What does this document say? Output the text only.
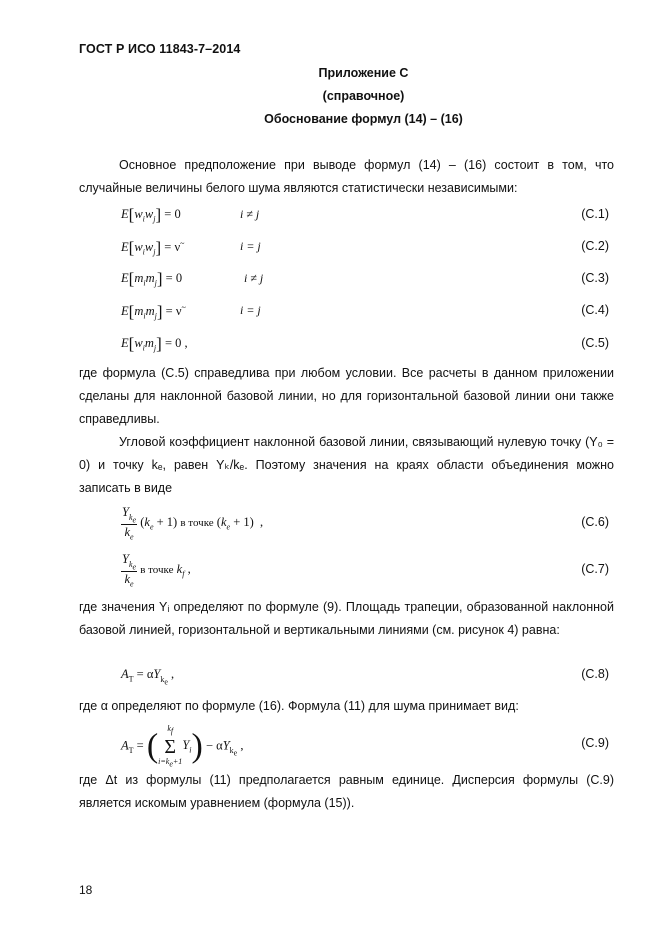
ГОСТ Р ИСО 11843-7–2014
Приложение С
(справочное)
Обоснование формул (14) – (16)

Основное предположение при выводе формул (14) – (16) состоит в том, что случайные величины белого шума являются статистически независимыми:

$E[w_iw_j] = 0$	i ≠ j	(С.1)
$E[w_iw_j] = \nu^\sim$	i = j	(С.2)
$E[m_im_j] = 0$	i ≠ j	(С.3)
$E[m_im_j] = \nu^\sim$	i = j	(С.4)
$E[w_im_j] = 0$ ,	(С.5)

где формула (С.5) справедлива при любом условии. Все расчеты в данном приложении сделаны для наклонной базовой линии, но для горизонтальной базовой линии они также справедливы.

Угловой коэффициент наклонной базовой линии, связывающий нулевую точку (Y₀ = 0) и точку kₑ, равен Yₖ/kₑ. Поэтому значения на краях области объединения можно записать в виде

$\frac{Y_{k_e}}{k_e} (k_e + 1)$ в точке $(k_e + 1)$  ,	(С.6)
$\frac{Y_{k_e}}{k_e}$ в точке $k_f$ ,	(С.7)

где значения Yᵢ определяют по формуле (9). Площадь трапеции, образованной наклонной базовой линией, горизонтальной и вертикальными линиями (см. рисунок 4) равна:

$A_T = \alpha Y_{k_e}$ ,	(С.8)

где α определяют по формуле (16). Формула (11) для шума принимает вид:

$A_T$ = (	$k_f$
Σ
$i=k_e+1$
$Y_i) - \alpha Y_{k_e}$ ,	(С.9)

где Δt из формулы (11) предполагается равным единице. Дисперсия формулы (С.9) является искомым уравнением (формула (15)).

18
